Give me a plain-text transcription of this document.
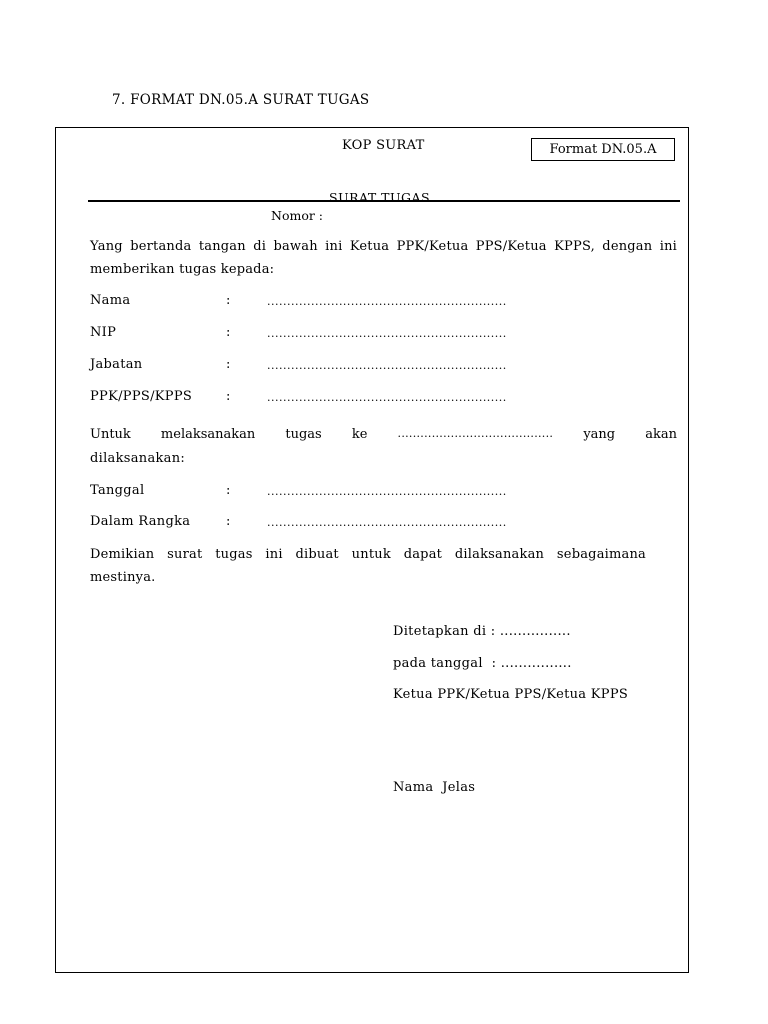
7. FORMAT DN.05.A SURAT TUGAS
KOP SURAT	Format DN.05.A
SURAT TUGAS
Nomor :
Yang bertanda tangan di bawah ini Ketua PPK/Ketua PPS/Ketua KPPS, dengan ini memberikan tugas kepada:
Nama	:	............................................................
NIP	:	............................................................
Jabatan	:	............................................................
PPK/PPS/KPPS	:	............................................................
Untuk melaksanakan tugas ke	......................................... yang akan
dilaksanakan:
Tanggal	:	............................................................
Dalam Rangka	:	............................................................
Demikian surat tugas ini dibuat untuk dapat dilaksanakan sebagaimana mestinya.
Ditetapkan di : ................
pada tanggal  : ................
Ketua PPK/Ketua PPS/Ketua KPPS
Nama  Jelas
